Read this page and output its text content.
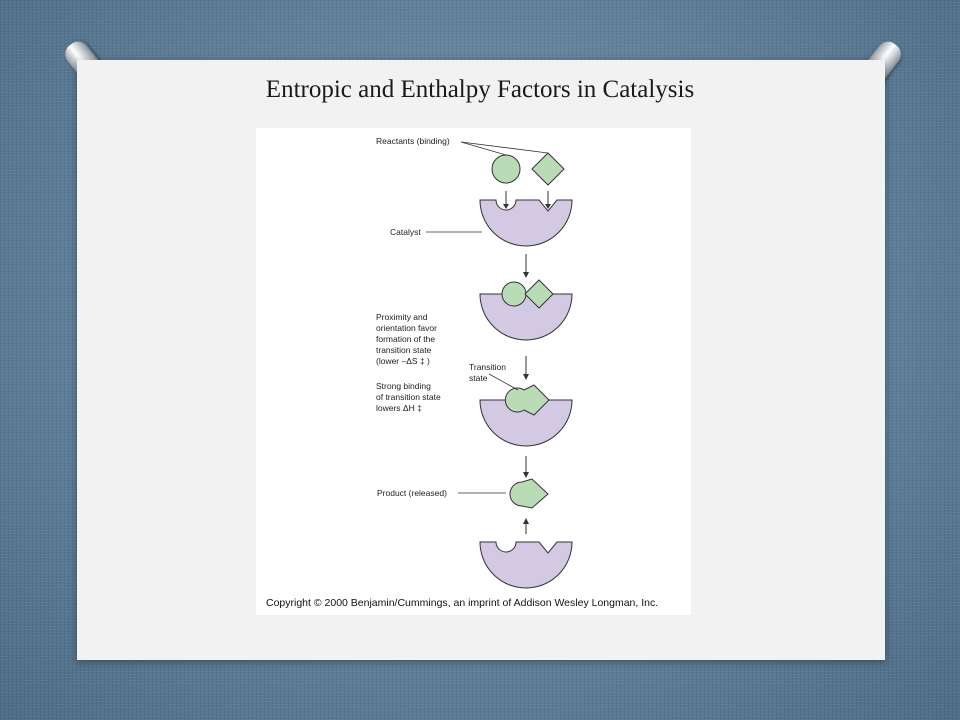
Entropic and Enthalpy Factors in Catalysis
Reactants (binding)
Catalyst
Proximity and
orientation favor
formation of the
transition state
(lower –ΔS ‡ )
Strong binding
of transition state
lowers ΔH ‡
Transition
state
Product (released)
Copyright © 2000 Benjamin/Cummings, an imprint of Addison Wesley Longman, Inc.
